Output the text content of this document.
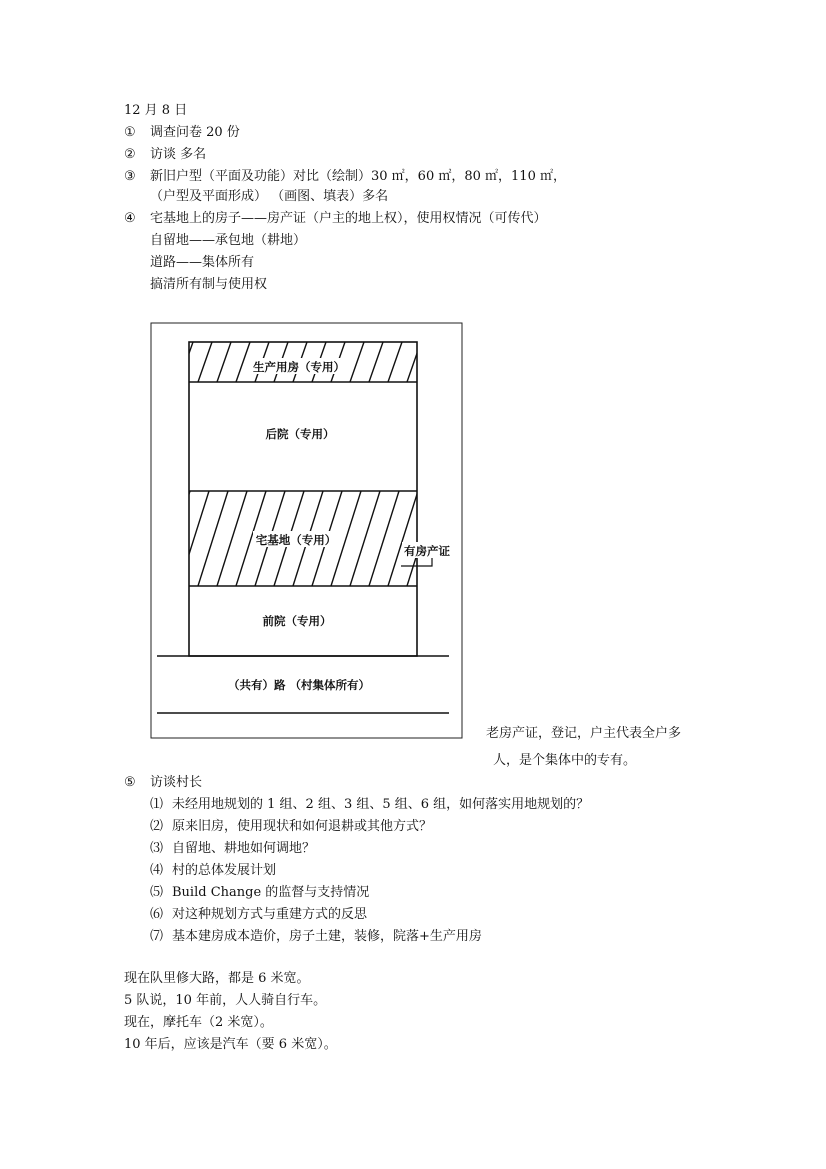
12 月 8 日
① 调查问卷 20 份
② 访谈 多名
③ 新旧户型（平面及功能）对比（绘制）30 ㎡，60 ㎡，80 ㎡，110 ㎡，
（户型及平面形成） （画图、填表）多名
④ 宅基地上的房子——房产证（户主的地上权），使用权情况（可传代）
自留地——承包地（耕地）
道路——集体所有
搞清所有制与使用权
生产用房（专用）
后院（专用）
宅基地（专用）
有房产证
前院（专用）
（共有）路 （村集体所有）
老房产证，登记，户主代表全户多
人，是个集体中的专有。
⑤ 访谈村长
⑴ 未经用地规划的 1 组、2 组、3 组、5 组、6 组，如何落实用地规划的？
⑵ 原来旧房，使用现状和如何退耕或其他方式？
⑶ 自留地、耕地如何调地？
⑷ 村的总体发展计划
⑸ Build Change 的监督与支持情况
⑹ 对这种规划方式与重建方式的反思
⑺ 基本建房成本造价，房子土建，装修，院落+生产用房
现在队里修大路，都是 6 米宽。
5 队说，10 年前，人人骑自行车。
现在，摩托车（2 米宽）。
10 年后，应该是汽车（要 6 米宽）。
